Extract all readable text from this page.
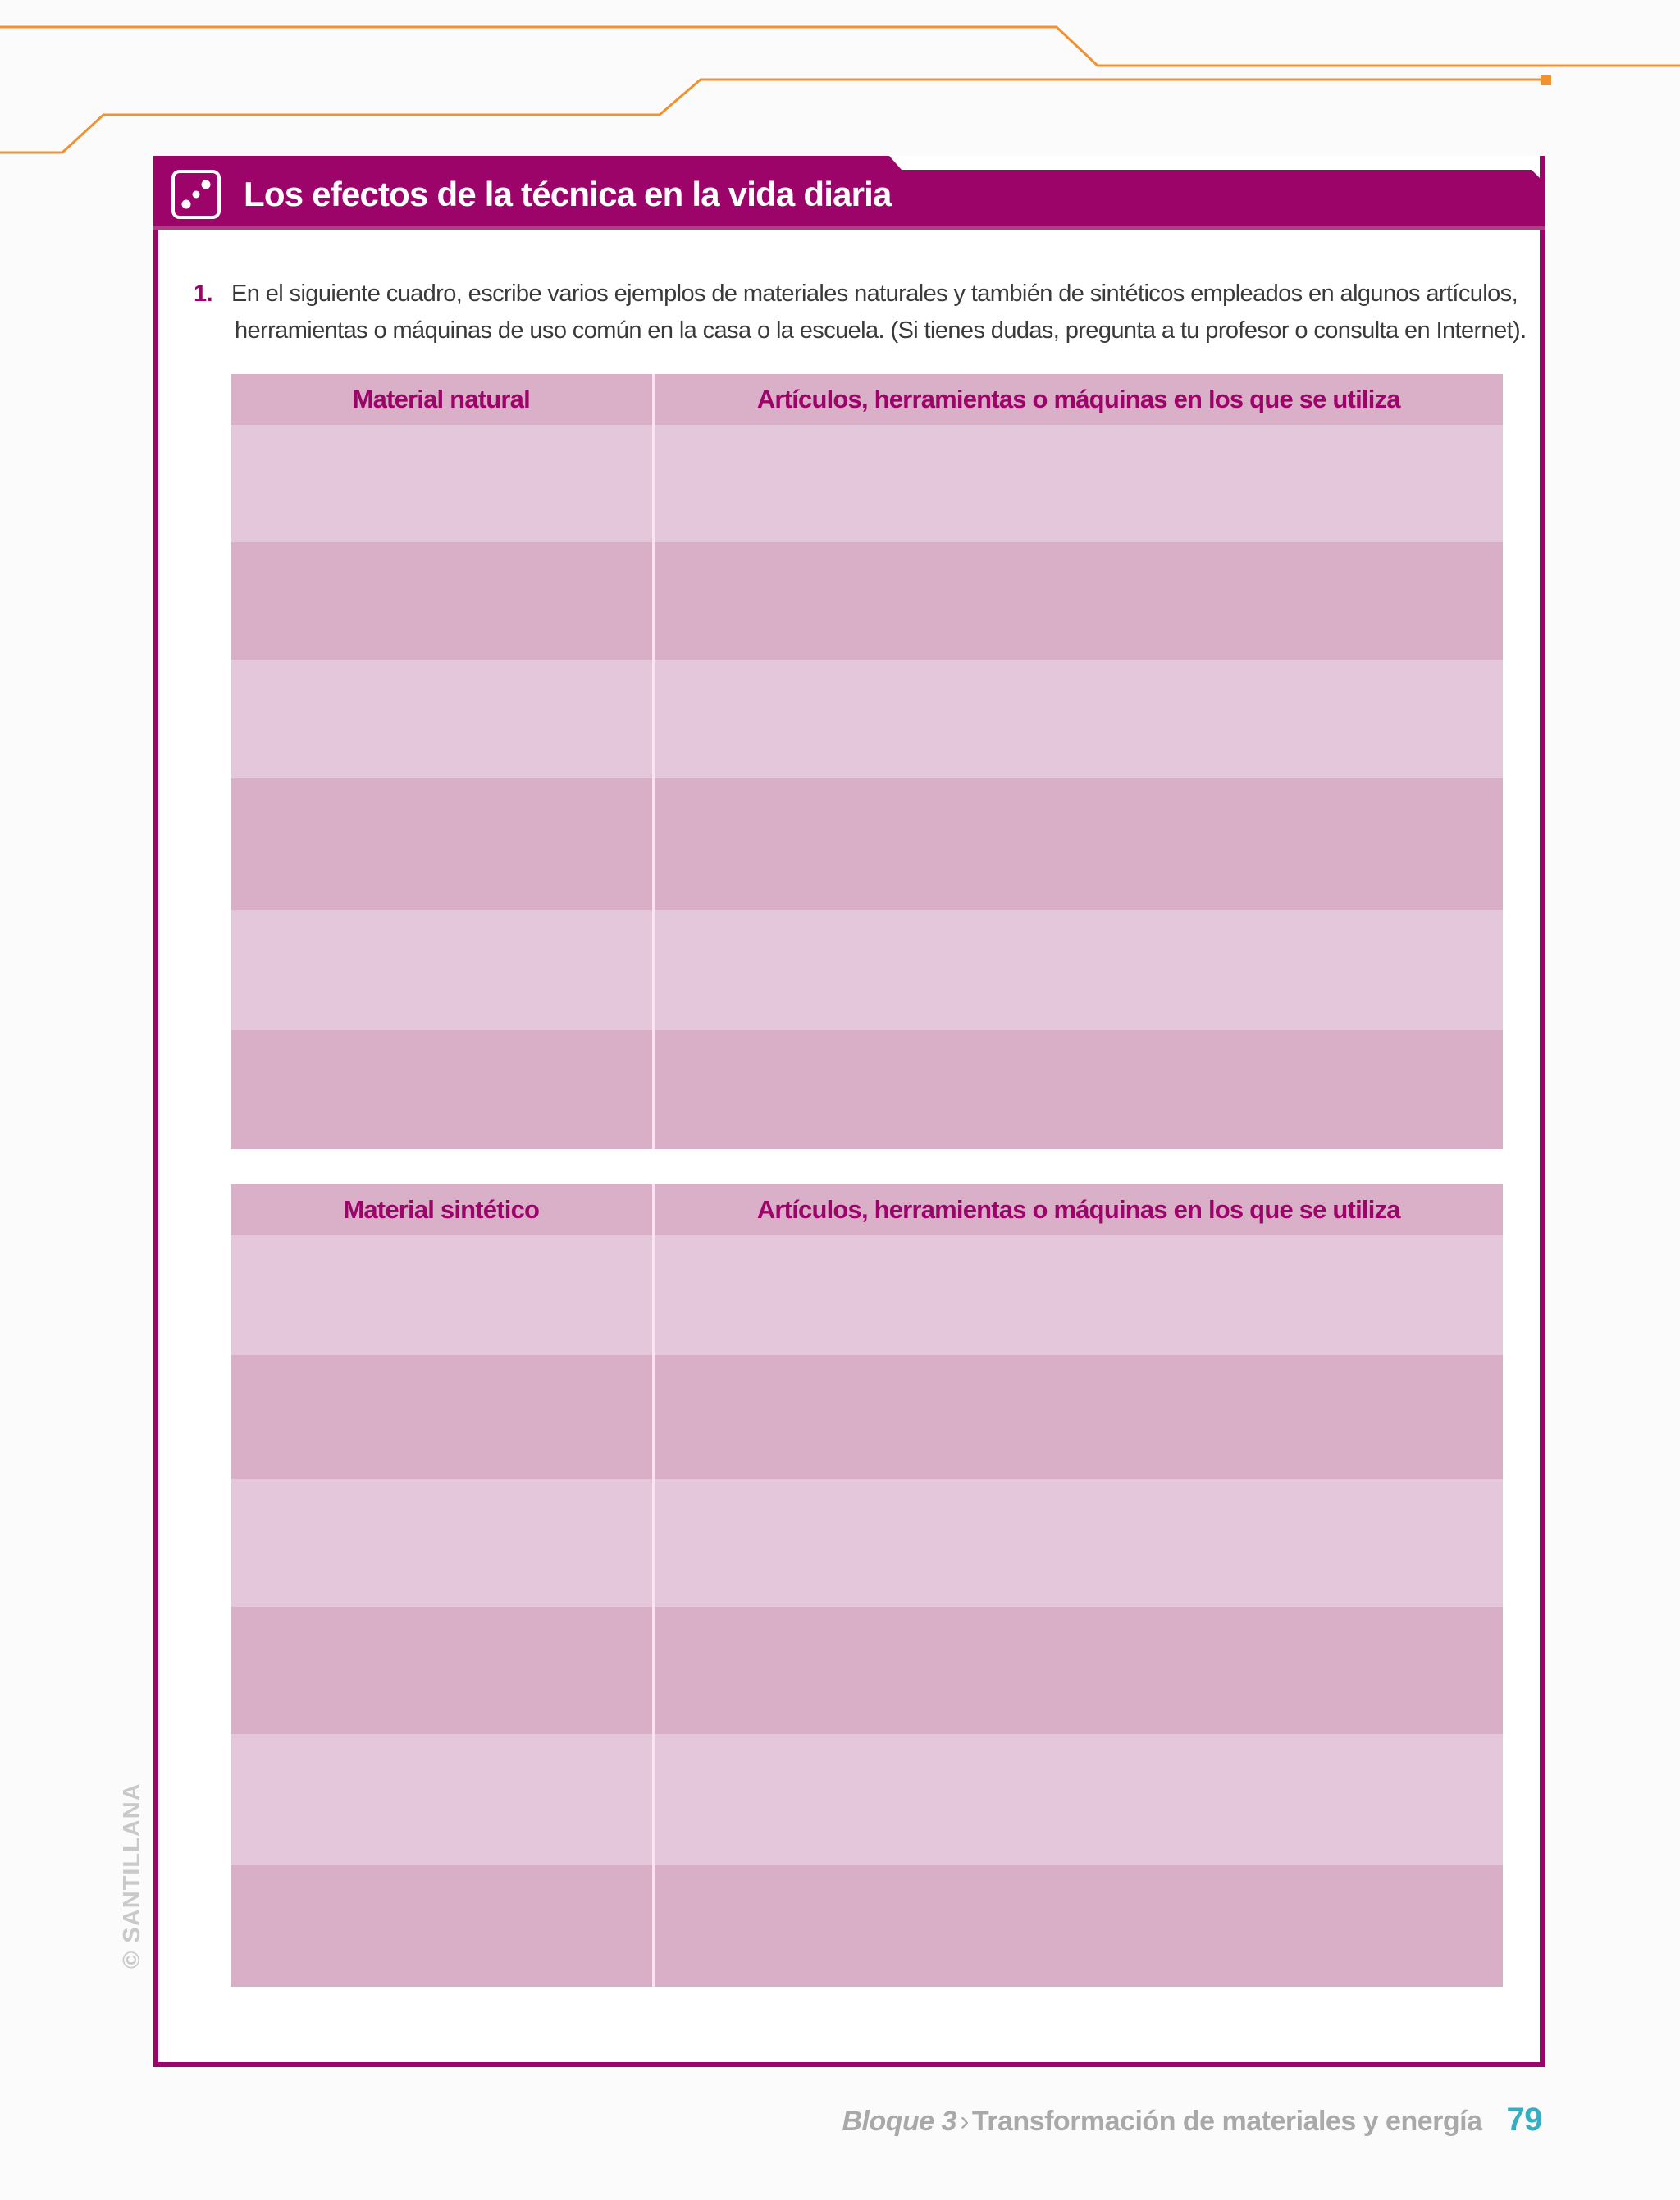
Los efectos de la técnica en la vida diaria
1. En el siguiente cuadro, escribe varios ejemplos de materiales naturales y también de sintéticos empleados en algunos artículos,
herramientas o máquinas de uso común en la casa o la escuela. (Si tienes dudas, pregunta a tu profesor o consulta en Internet).
Material natural	Artículos, herramientas o máquinas en los que se utiliza

Material sintético	Artículos, herramientas o máquinas en los que se utiliza

© SANTILLANA
Bloque 3 › Transformación de materiales y energía 79
